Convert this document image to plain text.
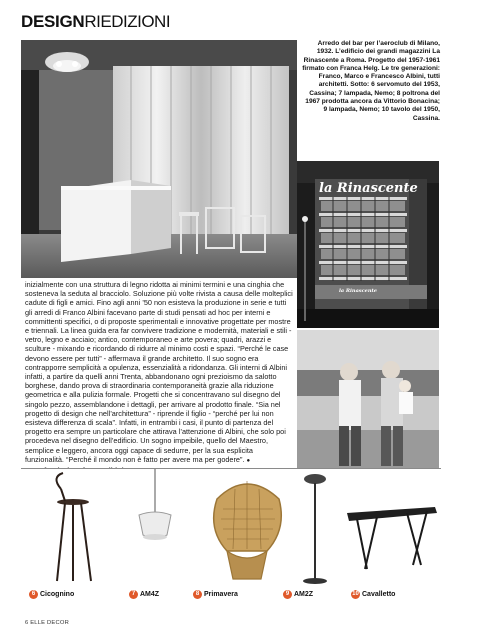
DESIGN RIEDIZIONI
Arredo del bar per l’aeroclub di Milano, 1932. L’edificio dei grandi magazzini La Rinascente a Roma. Progetto del 1957-1961 firmato con Franca Helg. Le tre generazioni: Franco, Marco e Francesco Albini, tutti architetti. Sotto: 6 servomuto del 1953, Cassina; 7 lampada, Nemo; 8 poltrona del 1967 prodotta ancora da Vittorio Bonacina; 9 lampada, Nemo; 10 tavolo del 1950, Cassina.
la Rinascente
la Rinascente
inizialmente con una struttura di legno ridotta ai minimi termini e una cinghia che sosteneva la seduta al bracciolo. Soluzione più volte rivista a causa delle molteplici cadute di figli e amici. Fino agli anni ’50 non esisteva la produzione in serie e tutti gli arredi di Franco Albini facevano parte di studi pensati ad hoc per interni e committenti specifici, o di proposte sperimentali e innovative progettate per mostre e triennali. La linea guida era far convivere tradizione e modernità, materiali e stili - vetro, legno e acciaio; antico, contemporaneo e arte povera; quadri, arazzi e sculture - mixando e ricordando di ridurre al minimo costi e spazi. “Perché le case devono essere per tutti” - affermava il grande architetto. Il suo sogno era contrapporre semplicità a opulenza, essenzialità a ridondanza. Gli interni di Albini infatti, a partire da quelli anni Trenta, abbandonano ogni prezioismo da salotto borghese, dando prova di straordinaria contemporaneità grazie alla riduzione geometrica e alla pulizia formale. Progetti che si concentravano sul disegno del singolo pezzo, assemblandone i dettagli, per arrivare al prodotto finale. “Sia nel progetto di design che nell’architettura” - riprende il figlio - “perché per lui non esisteva differenza di scala”. Infatti, in entrambi i casi, il punto di partenza del progetto era sempre un particolare che attirava l’attenzione di Albini, che solo poi procedeva nel disegno dell’edificio. Un sogno impeibile, quello del Maestro, semplice e leggero, ancora oggi capace di sedurre, per la sua esplicita funzionalità. “Perché il mondo non è fatto per avere ma per godere”. ●
6 Cicognino	7 AM4Z	8 Primavera	9 AM2Z	10 Cavalletto
6 ELLE DECOR
